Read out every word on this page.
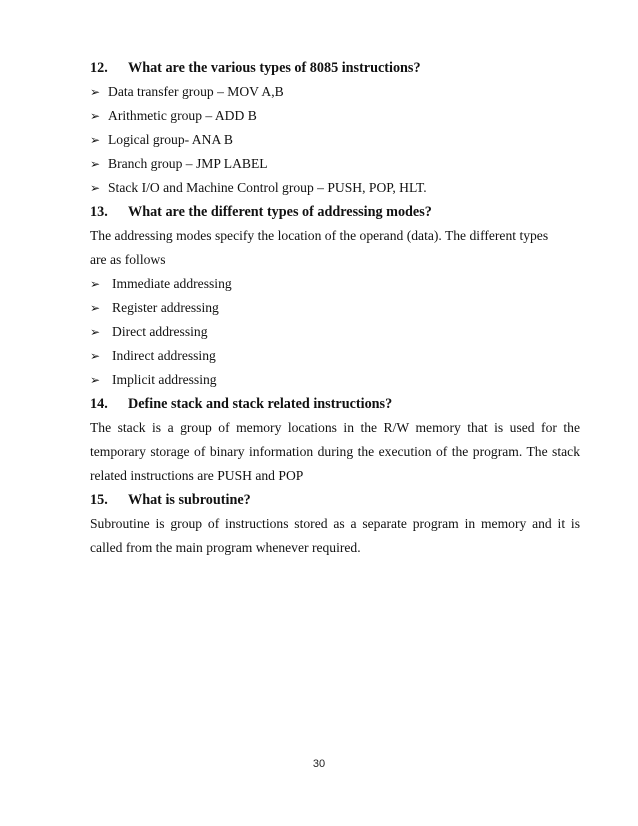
12. What are the various types of 8085 instructions?
➢ Data transfer group – MOV A,B
➢ Arithmetic group – ADD B
➢ Logical group- ANA B
➢ Branch group – JMP LABEL
➢ Stack I/O and Machine Control group – PUSH, POP, HLT.
13. What are the different types of addressing modes?
The addressing modes specify the location of the operand (data). The different types
are as follows
➢ Immediate addressing
➢ Register addressing
➢ Direct addressing
➢ Indirect addressing
➢ Implicit addressing
14. Define stack and stack related instructions?

The stack is a group of memory locations in the R/W memory that is used for the temporary storage of binary information during the execution of the program. The stack related instructions are PUSH and POP

15. What is subroutine?

Subroutine is group of instructions stored as a separate program in memory and it is called from the main program whenever required.

30
